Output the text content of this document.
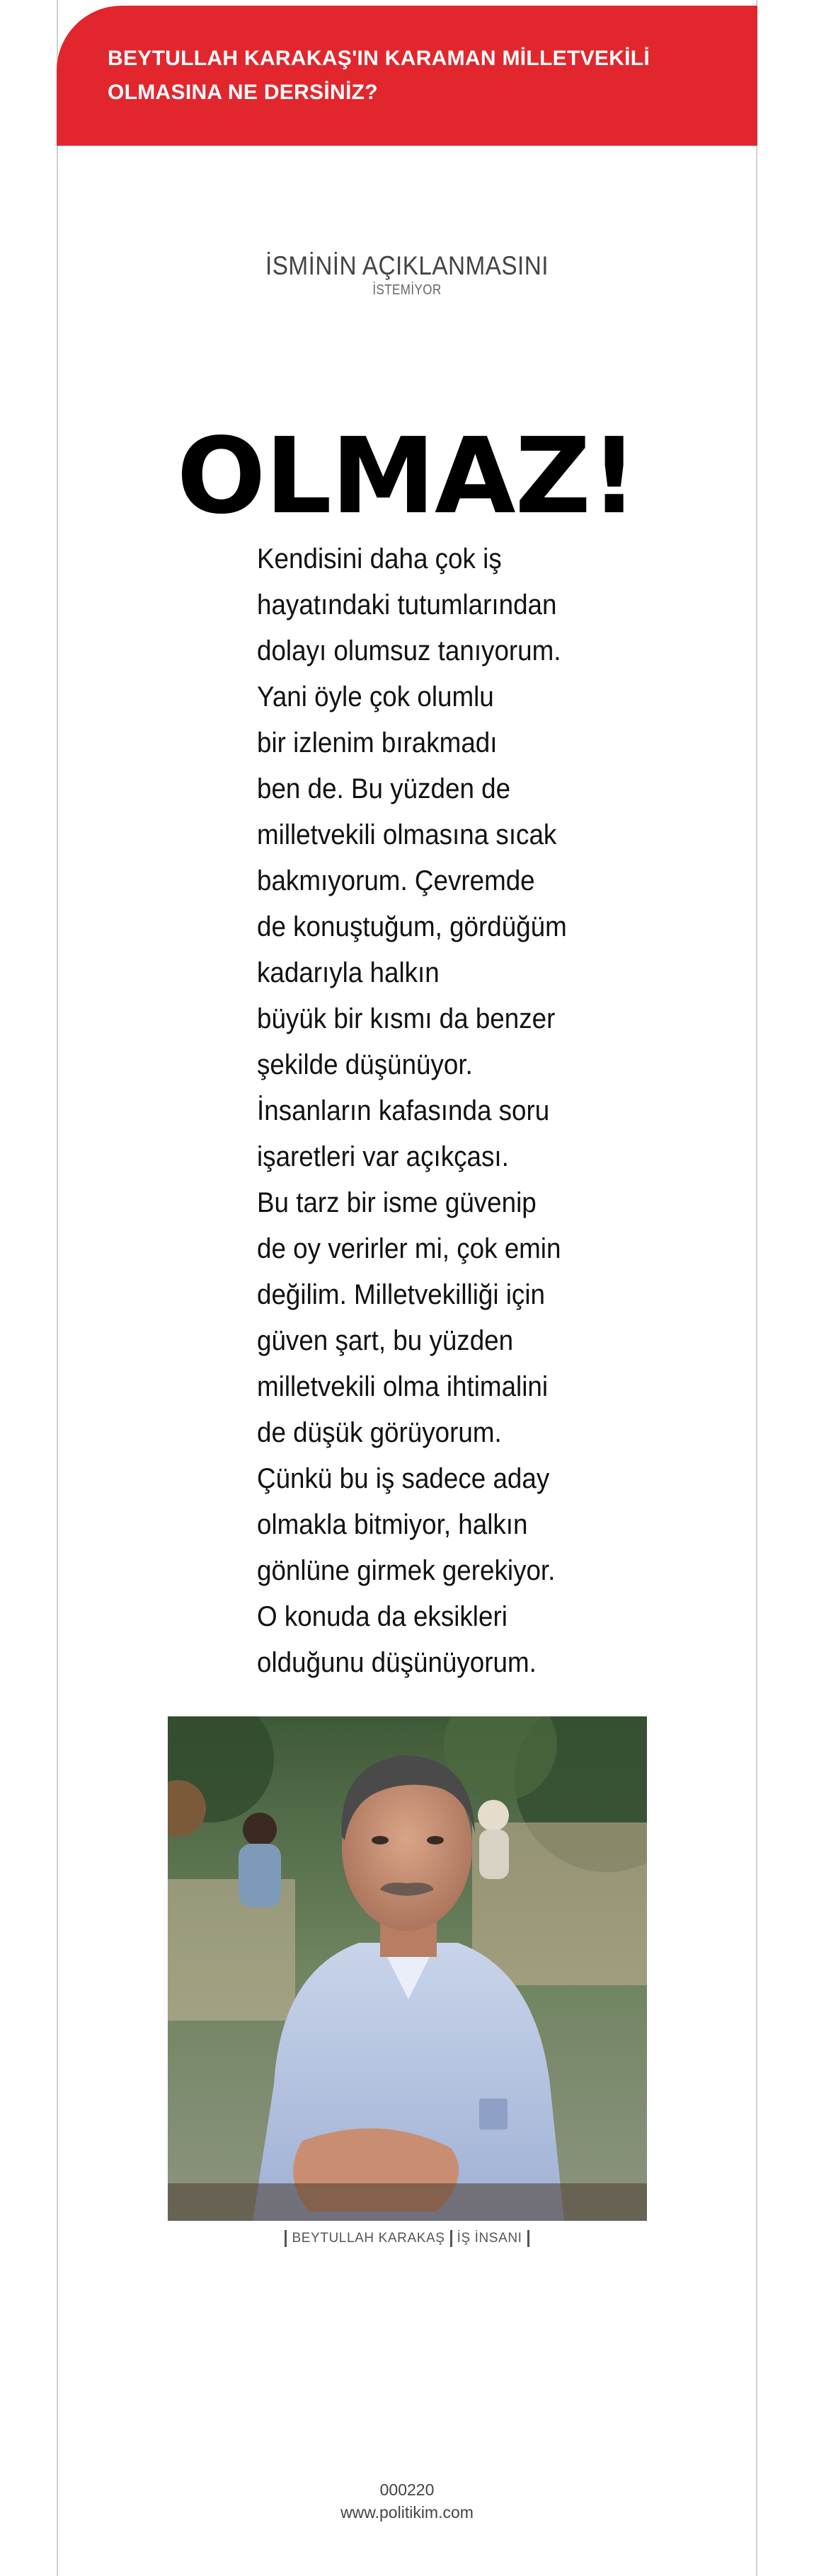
BEYTULLAH KARAKAŞ'IN KARAMAN MİLLETVEKİLİ
OLMASINA NE DERSİNİZ?
İSMİNİN AÇIKLANMASINI
İSTEMİYOR
OLMAZ!
Kendisini daha çok iş
hayatındaki tutumlarından
dolayı olumsuz tanıyorum.
Yani öyle çok olumlu
bir izlenim bırakmadı
ben de. Bu yüzden de
milletvekili olmasına sıcak
bakmıyorum. Çevremde
de konuştuğum, gördüğüm
kadarıyla halkın
büyük bir kısmı da benzer
şekilde düşünüyor.
İnsanların kafasında soru
işaretleri var açıkçası.
Bu tarz bir isme güvenip
de oy verirler mi, çok emin
değilim. Milletvekilliği için
güven şart, bu yüzden
milletvekili olma ihtimalini
de düşük görüyorum.
Çünkü bu iş sadece aday
olmakla bitmiyor, halkın
gönlüne girmek gerekiyor.
O konuda da eksikleri
olduğunu düşünüyorum.
BEYTULLAH KARAKAŞ İŞ İNSANI
000220
www.politikim.com
